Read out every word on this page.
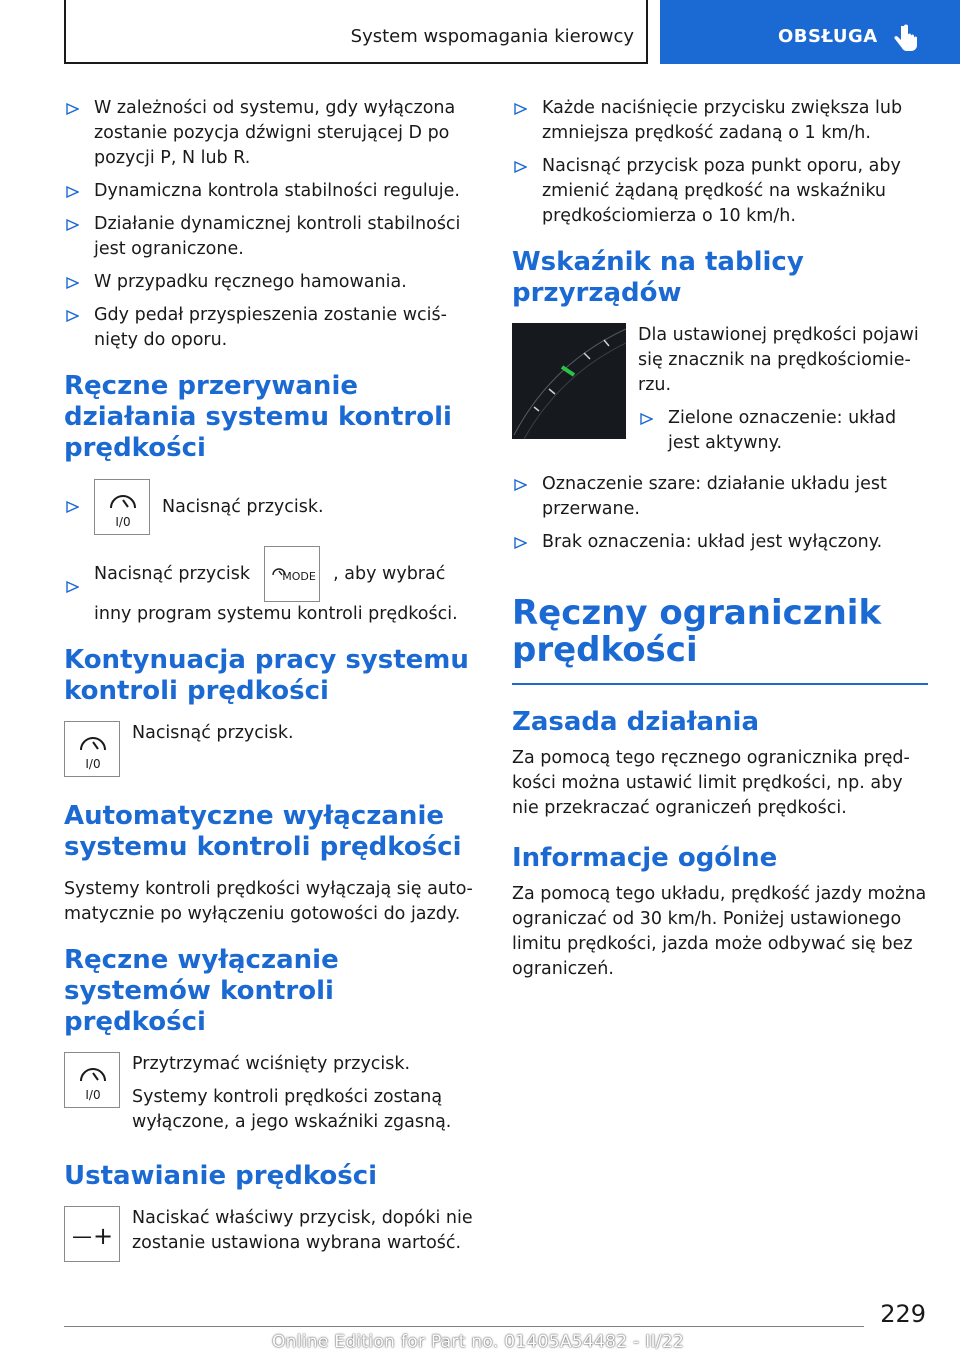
System wspomagania kierowcy	OBSŁUGA
W zależności od systemu, gdy wyłączona zostanie pozycja dźwigni sterującej D po pozycji P, N lub R.
Dynamiczna kontrola stabilności reguluje.
Działanie dynamicznej kontroli stabilności jest ograniczone.
W przypadku ręcznego hamowania.
Gdy pedał przyspieszenia zostanie wciśnięty do oporu.
Ręczne przerywanie działania systemu kontroli prędkości
I/0
Nacisnąć przycisk.
Nacisnąć przycisk	MODE , aby wybrać inny program systemu kontroli prędkości.
Kontynuacja pracy systemu kontroli prędkości
I/0
Nacisnąć przycisk.
Automatyczne wyłączanie systemu kontroli prędkości

Systemy kontroli prędkości wyłączają się automatycznie po wyłączeniu gotowości do jazdy.

Ręczne wyłączanie systemów kontroli prędkości
I/0

Przytrzymać wciśnięty przycisk.

Systemy kontroli prędkości zostaną wyłączone, a jego wskaźniki zgasną.

Ustawianie prędkości
— +
Naciskać właściwy przycisk, dopóki nie zostanie ustawiona wybrana wartość.
Każde naciśnięcie przycisku zwiększa lub zmniejsza prędkość zadaną o 1 km/h.
Nacisnąć przycisk poza punkt oporu, aby zmienić żądaną prędkość na wskaźniku prędkościomierza o 10 km/h.
Wskaźnik na tablicy przyrządów

Dla ustawionej prędkości pojawi się znacznik na prędkościomierzu.

Zielone oznaczenie: układ jest aktywny.
Oznaczenie szare: działanie układu jest przerwane.
Brak oznaczenia: układ jest wyłączony.
Ręczny ogranicznik prędkości
Zasada działania

Za pomocą tego ręcznego ogranicznika prędkości można ustawić limit prędkości, np. aby nie przekraczać ograniczeń prędkości.

Informacje ogólne

Za pomocą tego układu, prędkość jazdy można ograniczać od 30 km/h. Poniżej ustawionego limitu prędkości, jazda może odbywać się bez ograniczeń.

229
Online Edition for Part no. 01405A54482 - II/22
